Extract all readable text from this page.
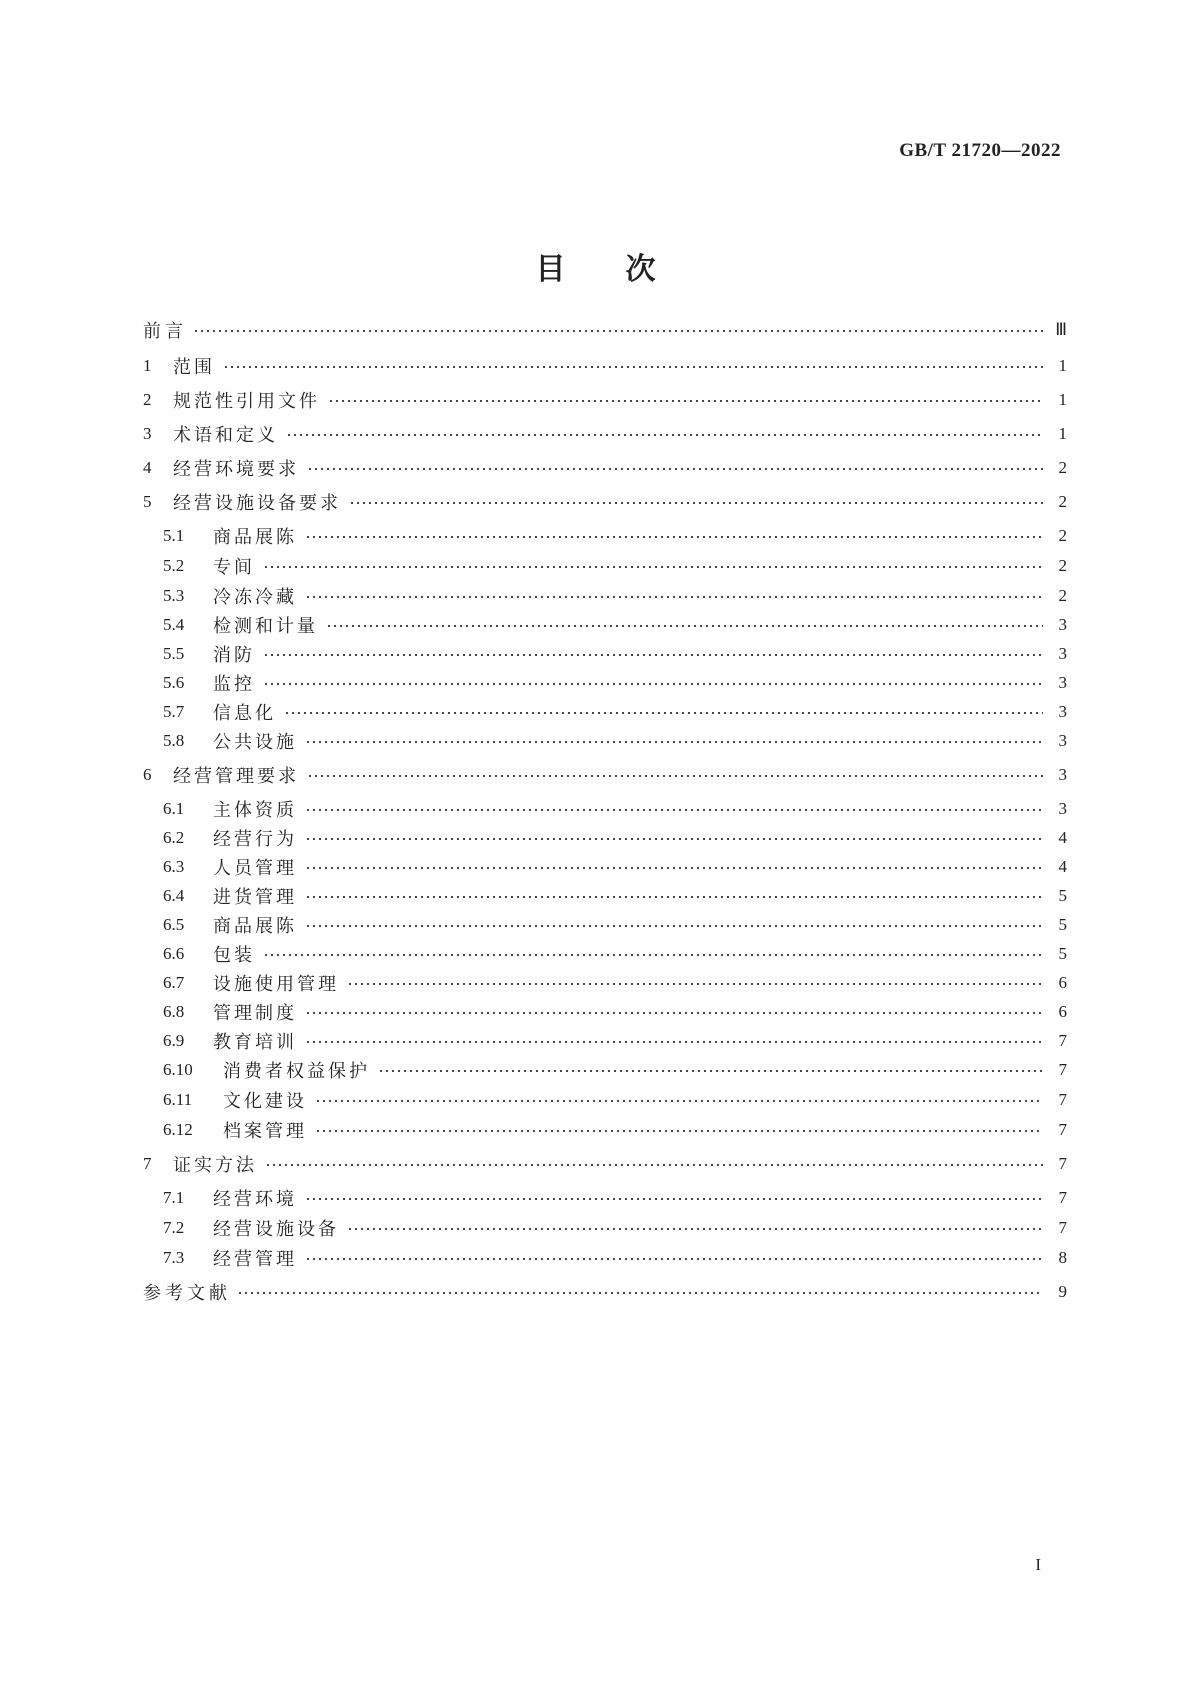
GB/T 21720—2022
目次
前言	Ⅲ
1	范围	1
2	规范性引用文件	1
3	术语和定义	1
4	经营环境要求	2
5	经营设施设备要求	2
5.1	商品展陈	2
5.2	专间	2
5.3	冷冻冷藏	2
5.4	检测和计量	3
5.5	消防	3
5.6	监控	3
5.7	信息化	3
5.8	公共设施	3
6	经营管理要求	3
6.1	主体资质	3
6.2	经营行为	4
6.3	人员管理	4
6.4	进货管理	5
6.5	商品展陈	5
6.6	包装	5
6.7	设施使用管理	6
6.8	管理制度	6
6.9	教育培训	7
6.10	消费者权益保护	7
6.11	文化建设	7
6.12	档案管理	7
7	证实方法	7
7.1	经营环境	7
7.2	经营设施设备	7
7.3	经营管理	8
参考文献	9
I
